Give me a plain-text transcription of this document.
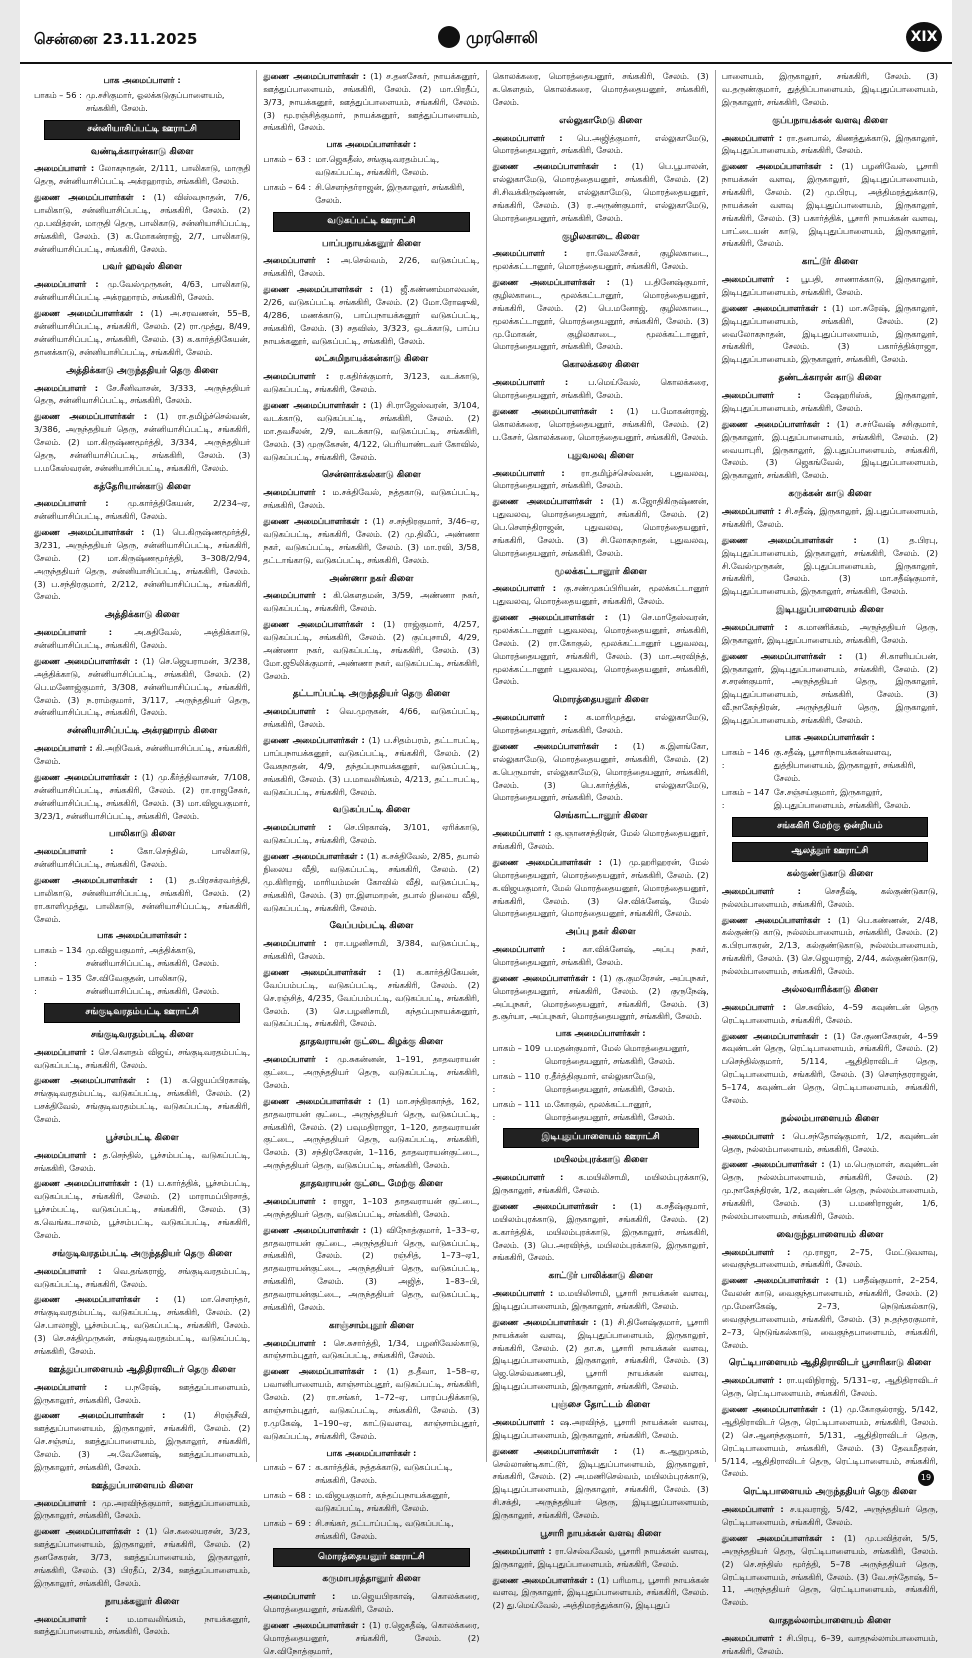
சென்னை 23.11.2025	முரசொலி	XIX
பாக அமைப்பாளர் :
பாகம் – 56 : மு.சசிகுமார், ஓலக்கடுகுப்பாளையம், சங்ககிரி, சேலம்.
சன்னியாசிப்பட்டி ஊராட்சி
வண்டிக்காரன்காடு கிளை
அமைப்பாளர் : லோகநாதன், 2/111, பாலிகாடு, மாருதி தெரு, சன்னியாசிப்பட்டி அக்ரஹாரம், சங்ககிரி, சேலம்.
துணை அமைப்பாளர்கள் : (1) விஸ்வநாதன், 7/6, பாலிகாடு, சன்னியாசிப்பட்டி, சங்ககிரி, சேலம். (2) மு.பவித்ரன், மாருதி தெரு, பாலிகாடு, சன்னியாசிப்பட்டி, சங்ககிரி, சேலம். (3) க.மோகன்ராஜ், 2/7, பாலிகாடு, சன்னியாசிப்பட்டி, சங்ககிரி, சேலம்.
பவர் ஹவுஸ் கிளை
அமைப்பாளர் : மு.வேல்முருகன், 4/63, பாலிகாடு, சன்னியாசிப்பட்டி அக்ரஹாரம், சங்ககிரி, சேலம்.
துணை அமைப்பாளர்கள் : (1) அ.சரவணன், 55–B, சன்னியாசிப்பட்டி, சங்ககிரி, சேலம். (2) ரா.முத்து, 8/49, சன்னியாசிப்பட்டி, சங்ககிரி, சேலம். (3) க.கார்த்திகேயன், தானக்காடு, சன்னியாசிப்பட்டி, சங்ககிரி, சேலம்.
அத்திக்காடு அருந்ததியர் தெரு கிளை
அமைப்பாளர் : சே.சீனிவாசன், 3/333, அருந்ததியர் தெரு, சன்னியாசிப்பட்டி, சங்ககிரி, சேலம்.
துணை அமைப்பாளர்கள் : (1) ரா.தமிழ்ச்செல்வன், 3/386, அருந்ததியர் தெரு, சன்னியாசிப்பட்டி, சங்ககிரி, சேலம். (2) மா.கிருஷ்ணமூர்த்தி, 3/334, அருந்ததியர் தெரு, சன்னியாசிப்பட்டி, சங்ககிரி, சேலம். (3) ப.மகேஸ்வரன், சன்னியாசிப்பட்டி, சங்ககிரி, சேலம்.
கத்தேரியான்காடு கிளை
அமைப்பாளர் : மு.கார்த்திகேயன், 2/234–ஏ, சன்னியாசிப்பட்டி, சங்ககிரி, சேலம்.
துணை அமைப்பாளர்கள் : (1) பெ.கிருஷ்ணமூர்த்தி, 3/231, அருந்ததியர் தெரு, சன்னியாசிப்பட்டி, சங்ககிரி, சேலம். (2) மா.கிருஷ்ணமூர்த்தி, 3–308/2/94, அருந்ததியர் தெரு, சன்னியாசிப்பட்டி, சங்ககிரி, சேலம். (3) ப.சந்திரகுமார், 2/212, சன்னியாசிப்பட்டி, சங்ககிரி, சேலம்.
அத்திக்காடு கிளை
அமைப்பாளர் :	அ.சுதிவேல், அத்திக்காடு, சன்னியாசிப்பட்டி, சங்ககிரி, சேலம்.
துணை அமைப்பாளர்கள் : (1) செ.ஜெயராமன், 3/238, அத்திக்காடு, சன்னியாசிப்பட்டி, சங்ககிரி, சேலம். (2) பெ.மனோஜ்குமார், 3/308, சன்னியாசிப்பட்டி, சங்ககிரி, சேலம். (3) ந.ராம்குமார், 3/117, அருந்ததியர் தெரு, சன்னியாசிப்பட்டி, சங்ககிரி, சேலம்.
சன்னியாசிப்பட்டி அக்ரஹாரம் கிளை
அமைப்பாளர் : கி.அறிவேக், சன்னியாசிப்பட்டி, சங்ககிரி, சேலம்.
துணை அமைப்பாளர்கள் : (1) மு.கீர்த்திவாசன், 7/108, சன்னியாசிப்பட்டி, சங்ககிரி, சேலம். (2) ரா.ராஜசேகர், சன்னியாசிப்பட்டி, சங்ககிரி, சேலம். (3) மா.விஜயகுமார், 3/23/1, சன்னியாசிப்பட்டி, சங்ககிரி, சேலம்.
பாலிகாடு கிளை
அமைப்பாளர் :	கோ.செந்தில், பாலிகாடு, சன்னியாசிப்பட்டி, சங்ககிரி, சேலம்.
துணை அமைப்பாளர்கள் : (1) த.பிரசக்ரவர்த்தி, பாலிகாடு, சன்னியாசிப்பட்டி, சங்ககிரி, சேலம். (2) ரா.காளிமுத்து, பாலிகாடு, சன்னியாசிப்பட்டி, சங்ககிரி, சேலம்.
பாக அமைப்பாளர்கள் :
பாகம் – 134 :
மு.விஜயகுமார், அத்திக்காடு, சன்னியாசிப்பட்டி, சங்ககிரி, சேலம்.
பாகம் – 135 :
சே.விவேகுதன், பாலிகாடு, சன்னியாசிப்பட்டி, சங்ககிரி, சேலம்.
சங்குடிவரதம்பட்டி ஊராட்சி
சங்குடிவரதம்பட்டி கிளை
அமைப்பாளர் : செ.கௌதம் விஜய், சங்குடிவரதம்பட்டி, வடுகப்பட்டி, சங்ககிரி, சேலம்.
துணை அமைப்பாளர்கள் : (1) க.ஜெயப்பிரகாஷ், சங்குடிவரதம்பட்டி, வடுகப்பட்டி, சங்ககிரி, சேலம். (2) பசக்திவேல், சங்குடிவரதம்பட்டி, வடுகப்பட்டி, சங்ககிரி, சேலம்.
பூச்சம்பட்டி கிளை
அமைப்பாளர் : த.செந்தில், பூச்சம்பட்டி, வடுகப்பட்டி, சங்ககிரி, சேலம்.
துணை அமைப்பாளர்கள் : (1) ப.கார்த்திக், பூச்சம்பட்டி, வடுகப்பட்டி, சங்ககிரி, சேலம். (2) மாராமப்பிரசாத், பூச்சம்பட்டி, வடுகப்பட்டி, சங்ககிரி, சேலம். (3) க.வெங்கடாசலம், பூச்சம்பட்டி, வடுகப்பட்டி, சங்ககிரி, சேலம்.
சங்குடிவரதம்பட்டி அருந்ததியர் தெரு கிளை
அமைப்பாளர் : வெ.தங்கராஜ், சங்குடிவரதம்பட்டி, வடுகப்பட்டி, சங்ககிரி, சேலம்.
துணை அமைப்பாளர்கள் : (1) மா.சௌந்தர், சங்குடிவரதம்பட்டி, வடுகப்பட்டி, சங்ககிரி, சேலம். (2) செ.பாலாஜி, பூச்சம்பட்டி, வடுகப்பட்டி, சங்ககிரி, சேலம். (3) செ.சக்திமுருகன், சங்குடிவரதம்பட்டி, வடுகப்பட்டி, சங்ககிரி, சேலம்.
ஊத்துப்பாளையம் ஆதிதிராவிடர் தெரு கிளை
அமைப்பாளர் : ப.நரேஷ், ஊத்துப்பாளையம், இருகாலூர், சங்ககிரி, சேலம்.
துணை அமைப்பாளர்கள் : (1) சிரஞ்சீவி, ஊத்துப்பாளையம், இருகாலூர், சங்ககிரி, சேலம். (2) செ.சஞ்சய், ஊத்துப்பாளையம், இருகாலூர், சங்ககிரி, சேலம். (3) அ.வேணேஷ், ஊத்துப்பாளையம், இருகாலூர், சங்ககிரி, சேலம்.
ஊத்துப்பாளையம் கிளை
அமைப்பாளர் : மு.அரவிந்த்குமார், ஊத்துப்பாளையம், இருகாலூர், சங்ககிரி, சேலம்.
துணை அமைப்பாளர்கள் : (1) செ.கலையரசன், 3/23, ஊத்துப்பாளையம், இருகாலூர், சங்ககிரி, சேலம். (2) தனசேகரன், 3/73, ஊத்துப்பாளையம், இருகாலூர், சங்ககிரி, சேலம். (3) பிரதீப், 2/34, ஊத்துப்பாளையம், இருகாலூர், சங்ககிரி, சேலம்.
நாயக்கனூர் கிளை
அமைப்பாளர் : ம.மாவலிங்கம், நாயக்கனூர், ஊத்துப்பாளையம், சங்ககிரி, சேலம்.
துணை அமைப்பாளர்கள் : (1) ச.தனசேகர், நாயக்கனூர், ஊத்துப்பாளையம், சங்ககிரி, சேலம். (2) மா.பிரதீப், 3/73, நாயக்கனூர், ஊத்துப்பாளையம், சங்ககிரி, சேலம். (3) மூ.ரஞ்சித்குமார், நாயக்கனூர், ஊத்துப்பாளையம், சங்ககிரி, சேலம்.
பாக அமைப்பாளர்கள் :
பாகம் – 63 : மா.ஜெகதீஸ், சங்குடிவரதம்பட்டி, வடுகப்பட்டி, சங்ககிரி, சேலம்.
பாகம் – 64 : சி.செளந்தர்ராஜன், இருகாலூர், சங்ககிரி, சேலம்.
வடுகப்பட்டி ஊராட்சி
பாப்பநாயக்கனூர் கிளை
அமைப்பாளர் : அ.செல்வம், 2/26, வடுகப்பட்டி, சங்ககிரி, சேலம்.
துணை அமைப்பாளர்கள் : (1) ஜீ.கண்ணம்மாலவன், 2/26, வடுகப்பட்டி சங்ககிரி, சேலம். (2) மோ.ரோஷுகி, 4/286, மணக்காடு, பாப்பநாயக்கனூர் வடுகப்பட்டி, சங்ககிரி, சேலம். (3) சதவிஸ், 3/323, ஒடக்காடு, பாப்ப நாயக்கனூர், வடுகப்பட்டி, சங்ககிரி, சேலம்.
லட்சுமிநாயக்கன்காடு கிளை
அமைப்பாளர் : ர.கதிர்க்குமார், 3/123, வடக்காடு, வடுகப்பட்டி, சங்ககிரி, சேலம்.
துணை அமைப்பாளர்கள் : (1) சி.ராஜேஸ்வரன், 3/104, வடக்காடு, வடுகப்பட்டி, சங்ககிரி, சேலம். (2) மா.தவசீலன், 2/9, வடக்காடு, வடுகப்பட்டி, சங்ககிரி, சேலம். (3) முருகேசன், 4/122, பெரியாண்டவர் கோவில், வடுகப்பட்டி, சங்ககிரி, சேலம்.
சென்னாக்கல்காடு கிளை
அமைப்பாளர் : ம.சக்திவேல், நத்தகாடு, வடுகப்பட்டி, சங்ககிரி, சேலம்.
துணை அமைப்பாளர்கள் : (1) ச.சந்திரகுமார், 3/46–ஏ, வடுகப்பட்டி, சங்ககிரி, சேலம். (2) மு.திலீப், அண்ணா நகர், வடுகப்பட்டி, சங்ககிரி, சேலம். (3) மா.ரவி, 3/58, தட்டாங்காடு, வடுகப்பட்டி, சங்ககிரி, சேலம்.
அண்ணா நகர் கிளை
அமைப்பாளர் : கி.கௌதமன், 3/59, அண்ணா நகர், வடுகப்பட்டி, சங்ககிரி, சேலம்.
துணை அமைப்பாளர்கள் : (1) ராஜ்குமார், 4/257, வடுகப்பட்டி, சங்ககிரி, சேலம். (2) குப்புசாமி, 4/29, அண்ணா நகர், வடுகப்பட்டி, சங்ககிரி, சேலம். (3) மோ.ஜூலிக்குமார், அண்ணா நகர், வடுகப்பட்டி, சங்ககிரி, சேலம்.
தட்டாப்பட்டி அருந்ததியர் தெரு கிளை
அமைப்பாளர் : வெ.முருகன், 4/66, வடுகப்பட்டி, சங்ககிரி, சேலம்.
துணை அமைப்பாளர்கள் : (1) ப.சிதம்பரம், தட்டாபட்டி, பாப்பநாயக்கனூர், வடுகப்பட்டி, சங்ககிரி, சேலம். (2) வேகநாதன், 4/9, தந்தப்பநாயக்கனூர், வடுகப்பட்டி, சங்ககிரி, சேலம். (3) ப.மாவலிங்கம், 4/213, தட்டாபட்டி, வடுகப்பட்டி, சங்ககிரி, சேலம்.
வடுகப்பட்டி கிளை
அமைப்பாளர் : செ.பிரகாஷ், 3/101, ஏரிக்காடு, வடுகப்பட்டி, சங்ககிரி, சேலம்.
துணை அமைப்பாளர்கள் : (1) க.சக்திவேல், 2/85, தபால் நிலைய வீதி, வடுகப்பட்டி, சங்ககிரி, சேலம். (2) மு.கிரிராஜ், மாரியம்மன் கோவில் வீதி, வடுகப்பட்டி, சங்ககிரி, சேலம். (3) ரா.இளமாறன், தபால் நிலைய வீதி, வடுகப்பட்டி, சங்ககிரி, சேலம்.
வேப்பம்பட்டி கிளை
அமைப்பாளர் : ரா.பழனிசாமி, 3/384, வடுகப்பட்டி, சங்ககிரி, சேலம்.
துணை அமைப்பாளர்கள் : (1) க.கார்த்திகேயன், வேப்பம்பட்டி, வடுகப்பட்டி, சங்ககிரி, சேலம். (2) செ.ரஞ்சித், 4/235, வேப்பம்பட்டி, வடுகப்பட்டி, சங்ககிரி, சேலம். (3) செ.பழனிசாமி, கந்தப்பநாயக்கனூர், வடுகப்பட்டி, சங்ககிரி, சேலம்.
தாதவராயன் குட்டை கிழக்கு கிளை
அமைப்பாளர் : மு.சுகன்னன், 1–191, தாதவராயன் குட்டை, அருந்ததியர் தெரு, வடுகப்பட்டி, சங்ககிரி, சேலம்.
துணை அமைப்பாளர்கள் : (1) மா.சந்திரகாந்த், 162, தாதவராயன் குட்டை, அருந்ததியர் தெரு, வடுகப்பட்டி, சங்ககிரி, சேலம். (2) பவுமதிராஜா, 1–120, தாதவராயன் குட்டை, அருந்ததியர் தெரு, வடுகப்பட்டி, சங்ககிரி, சேலம். (3) சந்திரசேகரன், 1–116, தாதவராயன்குட்டை, அருந்ததியர் தெரு, வடுகப்பட்டி, சங்ககிரி, சேலம்.
தாதவராயன் குட்டை மேற்கு கிளை
அமைப்பாளர் : ராஜா, 1–103 தாதவராயன் குட்டை, அருந்ததியர் தெரு, வடுகப்பட்டி, சங்ககிரி, சேலம்.
துணை அமைப்பாளர்கள் : (1) விநோத்குமார், 1–33–ஏ, தாதவராயன் குட்டை, அருந்ததியர் தெரு, வடுகப்பட்டி, சங்ககிரி, சேலம். (2) ரஞ்சித், 1–73–ஏ1, தாதவராயன்குட்டை, அருந்ததியர் தெரு, வடுகப்பட்டி, சங்ககிரி, சேலம். (3) அஜித், 1–83–பி, தாதவராயன்குட்டை, அருந்ததியர் தெரு, வடுகப்பட்டி, சங்ககிரி, சேலம்.
காஞ்சாம்புதூர் கிளை
அமைப்பாளர் : செ.சுசார்த்தி, 1/34, பழனிவேல்காடு, காஞ்சாம்புதூர், வடுகப்பட்டி, சங்ககிரி, சேலம்.
துணை அமைப்பாளர்கள் : (1) த.தீவா, 1–58–ஏ, பவானிபாளையம், காஞ்சாம்புதூர், வடுகப்பட்டி, சங்ககிரி, சேலம். (2) ரா.சங்கர், 1–72–ஏ, பாரப்பதிக்காடு, காஞ்சாம்புதூர், வடுகப்பட்டி, சங்ககிரி, சேலம். (3) ர.முகேஷ், 1–190–ஏ, காட்டுவளவு, காஞ்சாம்புதூர், வடுகப்பட்டி, சங்ககிரி, சேலம்.
பாக அமைப்பாளர்கள் :
பாகம் – 67 : க.கார்த்திக், நத்தக்காடு, வடுகப்பட்டி, சங்ககிரி, சேலம்.
பாகம் – 68 : ம.விஜயகுமார், கந்தப்பநாயக்கனூர், வடுகப்பட்டி, சங்ககிரி, சேலம்.
பாகம் – 69 : சி.சங்கர், தட்டாப்பட்டி, வடுகப்பட்டி, சங்ககிரி, சேலம்.
மொரத்தையனூர் ஊராட்சி
கருமாபரத்தானூர் கிளை
அமைப்பாளர் : ம.ஜெயபிரகாஷ், கொலக்கரை, மொரத்தையனூர், சங்ககிரி, சேலம்.
துணை அமைப்பாளர்கள் : (1) ர.ஜெகதீஷ், கொலக்கரை, மொரத்தையனூர், சங்ககிரி, சேலம். (2) செ.விநோத்குமார்,
கொலக்கரை, மொரத்தையனூர், சங்ககிரி, சேலம். (3) க.கௌதம், கொலக்கரை, மொரத்தையனூர், சங்ககிரி, சேலம்.
எல்லுகாமேடு கிளை
அமைப்பாளர் : பெ.அஜித்குமார், எல்லுகாமேடு, மொரத்தையனூர், சங்ககிரி, சேலம்.
துணை அமைப்பாளர்கள் : (1) பெ.பூபாலன், எல்லுகாமேடு, மொரத்தையனூர், சங்ககிரி, சேலம். (2) சி.சிவக்கிருஷ்ணன், எல்லுகாமேடு, மொரத்தையனூர், சங்ககிரி, சேலம். (3) ர.அருண்குமார், எல்லுகாமேடு, மொரத்தையனூர், சங்ககிரி, சேலம்.
குழிலகாடை கிளை
அமைப்பாளர் : ரா.வேலசேகர், குழிலகாடை, மூலக்கட்டானூர், மொரத்தையனூர், சங்ககிரி, சேலம்.
துணை அமைப்பாளர்கள் : (1) ப.தினேஷ்குமார், குழிலகாடை, மூலக்கட்டானூர், மொரத்தையனூர், சங்ககிரி, சேலம். (2) பெ.மனோஜ், குழிலகாடை, மூலக்கட்டானூர், மொரத்தையனூர், சங்ககிரி, சேலம். (3) மு.மோகன், குழிலகாடை, மூலக்கட்டானூர், மொரத்தையனூர், சங்ககிரி, சேலம்.
கொலக்கரை கிளை
அமைப்பாளர் : ப.மெய்வேல், கொலக்கரை, மொரத்தையனூர், சங்ககிரி, சேலம்.
துணை அமைப்பாளர்கள் : (1) ப.மோகன்ராஜ், கொலக்கரை, மொரத்தையனூர், சங்ககிரி, சேலம். (2) ப.கேசர், கொலக்கரை, மொரத்தையனூர், சங்ககிரி, சேலம்.
புதுவலவு கிளை
அமைப்பாளர் : ரா.தமிழ்ச்செல்வன், புதுவலவு, மொரத்தையனூர், சங்ககிரி, சேலம்.
துணை அமைப்பாளர்கள் : (1) க.ஜோதிகிருஷ்ணன், புதுவலவு, மொரத்தையனூர், சங்ககிரி, சேலம். (2) பெ.சௌந்திராஜன், புதுவலவு, மொரத்தையனூர், சங்ககிரி, சேலம். (3) சி.லோகநாதன், புதுவலவு, மொரத்தையனூர், சங்ககிரி, சேலம்.
மூலக்கட்டானூர் கிளை
அமைப்பாளர் : கு.சண்முகப்பிரியன், மூலக்கட்டானூர் புதுவலவு, மொரத்தையனூர், சங்ககிரி, சேலம்.
துணை அமைப்பாளர்கள் : (1) செ.மாதேஸ்வரன், மூலக்கட்டானூர் புதுவலவு, மொரத்தையனூர், சங்ககிரி, சேலம். (2) ரா.கோகுல், மூலக்கட்டானூர் புதுவலவு, மொரத்தையனூர், சங்ககிரி, சேலம். (3) மா.அரவிந்த், மூலக்கட்டானூர் புதுவலவு, மொரத்தையனூர், சங்ககிரி, சேலம்.
மொரத்தையனூர் கிளை
அமைப்பாளர் : க.மாரிமுத்து, எல்லுகாமேடு, மொரத்தையனூர், சங்ககிரி, சேலம்.
துணை அமைப்பாளர்கள் : (1) க.இளங்கோ, எல்லுகாமேடு, மொரத்தையனூர், சங்ககிரி, சேலம். (2) க.பெருமாள், எல்லுகாமேடு, மொரத்தையனூர், சங்ககிரி, சேலம். (3) பெ.கார்த்திக், எல்லுகாமேடு, மொரத்தையனூர், சங்ககிரி, சேலம்.
செங்காட்டானூர் கிளை
அமைப்பாளர் : கு.ஞானசந்திரன், மேல் மொரத்தையனூர், சங்ககிரி, சேலம்.
துணை அமைப்பாளர்கள் : (1) மு.ஹரிஹரன், மேல் மொரத்தையனூர், மொரத்தையனூர், சங்ககிரி, சேலம். (2) க.விஜயகுமார், மேல் மொரத்தையனூர், மொரத்தையனூர், சங்ககிரி, சேலம். (3) செ.விக்னேஷ், மேல் மொரத்தையனூர், மொரத்தையனூர், சங்ககிரி, சேலம்.
அப்பு நகர் கிளை
அமைப்பாளர் : கா.விக்னேஷ், அப்பு நகர், மொரத்தையனூர், சங்ககிரி, சேலம்.
துணை அமைப்பாளர்கள் : (1) கு.குமரேசன், அப்புநகர், மொரத்தையனூர், சங்ககிரி, சேலம். (2) குருநேஷ், அப்புநகர், மொரத்தையனூர், சங்ககிரி, சேலம். (3) த.சூர்யா, அப்புநகர், மொரத்தையனூர், சங்ககிரி, சேலம்.
பாக அமைப்பாளர்கள் :
பாகம் – 109 :
ப.மதன்குமார், மேல் மொரத்தையனூர், மொரத்தையனூர், சங்ககிரி, சேலம்.
பாகம் – 110 :
ர.தீர்த்திகுமார், எல்லுகாமேடு, மொரத்தையனூர், சங்ககிரி, சேலம்.
பாகம் – 111 :
ம.கோகுல், மூலக்கட்டானூர், மொரத்தையனூர், சங்ககிரி, சேலம்.
இடிபுதுப்பாளையம் ஊராட்சி
மயிலம்புரக்காடு கிளை
அமைப்பாளர் : க.மயிலிசாமி, மயிலம்புரக்காடு, இருகாலூர், சங்ககிரி, சேலம்.
துணை அமைப்பாளர்கள் : (1) க.சதீஷ்குமார், மயிலம்புரக்காடு, இருகாலூர், சங்ககிரி, சேலம். (2) க.கார்த்திக், மயிலம்புரக்காடு, இருகாலூர், சங்ககிரி, சேலம். (3) பெ.அரவிந்த், மயிலம்புரக்காடு, இருகாலூர், சங்ககிரி, சேலம்.
காட்டூர் பாலிக்காடு கிளை
அமைப்பாளர் : ம.மயிலிசாமி, பூசாரி நாயக்கன் வளவு, இடிபுதுப்பாளையம், இருகாலூர், சங்ககிரி, சேலம்.
துணை அமைப்பாளர்கள் : (1) சி.தினேஷ்குமார், பூசாரி நாயக்கன் வளவு, இடிபுதுப்பாளையம், இருகாலூர், சங்ககிரி, சேலம். (2) தா.சு, பூசாரி நாயக்கன் வளவு, இடிபுதுப்பாளையம், இருகாலூர், சங்ககிரி, சேலம். (3) ஜெ.செல்வகணபதி, பூசாரி நாயக்கன் வளவு, இடிபுதுப்பாளையம், இருகாலூர், சங்ககிரி, சேலம்.
புஞ்சை தோட்டம் கிளை
அமைப்பாளர் : ஷ.அரவிந்த், பூசாரி நாயக்கன் வளவு, இடிபுதுப்பாளையம், இருகாலூர், சங்ககிரி, சேலம்.
துணை அமைப்பாளர்கள் : (1) க.ஆறுமுகம், செல்லாண்டிகாட்டூர், இடிபுதுப்பாளையம், இருகாலூர், சங்ககிரி, சேலம். (2) அ.மணிசெல்வம், மயிலம்புரக்காடு, இடிபுதுப்பாளையம், இருகாலூர், சங்ககிரி, சேலம். (3) சி.சக்தி, அருந்ததியர் தெரு, இடிபுதுப்பாளையம், இருகாலூர், சங்ககிரி, சேலம்.
பூசாரி நாயக்கன் வளவு கிளை
அமைப்பாளர் : ரா.செல்வவேல், பூசாரி நாயக்கன் வளவு, இருகாலூர், இடிபுதுப்பாளையம், சங்ககிரி, சேலம்.
துணை அமைப்பாளர்கள் : (1) பரிமாபு, பூசாரி நாயக்கன் வளவு, இருகாலூர், இடிபுதுப்பாளையம், சங்ககிரி, சேலம். (2) து.மெய்வேல், அத்திமரத்துக்காடு, இடிபுதுப்
பாளையம், இருகாலூர், சங்ககிரி, சேலம். (3) வ.தருண்குமார், துத்திப்பாளையம், இடிபுதுப்பாளையம், இருகாலூர், சங்ககிரி, சேலம்.
குப்பநாயக்கன் வளவு கிளை
அமைப்பாளர் : ரா.தனபால், கிணத்துக்காடு, இருகாலூர், இடிபுதுப்பாளையம், சங்ககிரி, சேலம்.
துணை அமைப்பாளர்கள் : (1) பழனிவேல், பூசாரி நாயக்கன் வளவு, இருகாலூர், இடிபுதுப்பாளையம், சங்ககிரி, சேலம். (2) மு.பிரபு, அத்திமரத்துக்காடு, நாயக்கன் வளவு இடிபுதுப்பாளையம், இருகாலூர், சங்ககிரி, சேலம். (3) பகார்த்திக், பூசாரி நாயக்கன் வளவு, பாட்டையன் காடு, இடிபுதுப்பாளையம், இருகாலூர், சங்ககிரி, சேலம்.
காட்டூர் கிளை
அமைப்பாளர் : பூபதி, சாணாக்காடு, இருகாலூர், இடிபுதுப்பாளையம், சங்ககிரி, சேலம்.
துணை அமைப்பாளர்கள் : (1) மா.சுரேஷ், இருகாலூர், இடிபுதுப்பாளையம், சங்ககிரி, சேலம். (2) வைலோகநாதன், இடிபுதுப்பாளையம், இருகாலூர், சங்ககிரி, சேலம். (3) பகார்த்திக்ராஜா, இடிபுதுப்பாளையம், இருகாலூர், சங்ககிரி, சேலம்.
தண்டக்காரன் காடு கிளை
அமைப்பாளர் :	ஷேஹரிஸ்க், இருகாலூர், இடிபுதுப்பாளையம், சங்ககிரி, சேலம்.
துணை அமைப்பாளர்கள் : (1) ச.சர்வேஷ் சசிகுமார், இருகாலூர், இ.புதுப்பாளையம், சங்ககிரி, சேலம். (2) வையாபுரி, இருகாலூர், இ.புதுப்பாளையம், சங்ககிரி, சேலம். (3) ஜெகங்வேல், இடிபுதுப்பாளையம், இருகாலூர், சங்ககிரி, சேலம்.
கருக்கன் காடு கிளை
அமைப்பாளர் : சி.சதீஷ், இருகாலூர், இ.புதுப்பாளையம், சங்ககிரி, சேலம்.
துணை அமைப்பாளர்கள் : (1) த.பிரபு, இடிபுதுப்பாளையம், இருகாலூர், சங்ககிரி, சேலம். (2) சி.வேல்முருகன், இ.புதுப்பாளையம், இருகாலூர், சங்ககிரி, சேலம். (3) மா.சதீஷ்குமார், இடிபுதுப்பாளையம், இருகாலூர், சங்ககிரி, சேலம்.
இடிபுதுப்பாளையம் கிளை
அமைப்பாளர் : க.மாணிக்கம், அருந்ததியர் தெரு, இருகாலூர், இடிபுதுப்பாளையம், சங்ககிரி, சேலம்.
துணை அமைப்பாளர்கள் : (1) சி.காளியப்பன், இருகாலூர், இடிபுதுப்பாளையம், சங்ககிரி, சேலம். (2) ச.சரண்குமார், அருந்ததியர் தெரு, இருகாலூர், இடிபுதுப்பாளையம், சங்ககிரி, சேலம். (3) வீ.நாகேந்திரன், அருந்ததியர் தெரு, இருகாலூர், இடிபுதுப்பாளையம், சங்ககிரி, சேலம்.
பாக அமைப்பாளர்கள் :
பாகம் – 146 :
கு.சதீஷ், பூசாரிநாயக்கன்வளவு, துத்திபாளையம், இருகாலூர், சங்ககிரி, சேலம்.
பாகம் – 147 :
சே.சஞ்சய்குமார், இருகாலூர், இ.புதுப்பாளையம், சங்ககிரி, சேலம்.
சங்ககிரி மேற்கு ஒன்றியம்
ஆலத்தூர் ஊராட்சி
கல்குண்டுகாடு கிளை
அமைப்பாளர் :	செசதீஷ், கல்குண்டுகாடு, நல்லம்பாளையம், சங்ககிரி, சேலம்.
துணை அமைப்பாளர்கள் : (1) பெ.கண்ணன், 2/48, கல்குண்டு காடு, நல்லம்பாளையம், சங்ககிரி, சேலம். (2) க.பிரபாகரன், 2/13, கல்குண்டுகாடு, நல்லம்பாளையம், சங்ககிரி, சேலம். (3) செ.ஜெயராஜ், 2/44, கல்குண்டுகாடு, நல்லம்பாளையம், சங்ககிரி, சேலம்.
அல்லவாரிக்காடு கிளை
அமைப்பாளர் : செ.சுவிஸ், 4–59 கவுண்டன் தெரு ரெட்டிபாளையம், சங்ககிரி, சேலம்.
துணை அமைப்பாளர்கள் : (1) சே.குணசேகரன், 4–59 கவுண்டன் தெரு, ரெட்டிபாளையம், சங்ககிரி, சேலம். (2) பசெந்தில்குமார், 5/114, ஆதிதிராவிடர் தெரு, ரெட்டிபாளையம், சங்ககிரி, சேலம். (3) சௌந்தரராஜன், 5–174, கவுண்டன் தெரு, ரெட்டிபாளையம், சங்ககிரி, சேலம்.
நல்லம்பாளையம் கிளை
அமைப்பாளர் : பெ.சந்தோஷ்குமார், 1/2, கவுண்டன் தெரு, நல்லம்பாளையம், சங்ககிரி, சேலம்.
துணை அமைப்பாளர்கள் : (1) ம.பெருமாள், கவுண்டன் தெரு, நல்லம்பாளையம், சங்ககிரி, சேலம். (2) மு.நாகேந்திரன், 1/2, கவுண்டன் தெரு, நல்லம்பாளையம், சங்ககிரி, சேலம். (3) ப.மணிராஜன், 1/6, நல்லம்பாளையம், சங்ககிரி, சேலம்.
வைகுந்தபாளையம் கிளை
அமைப்பாளர் : மு.ராஜா, 2–75, மேட்டுவளவு, வைகுந்தபாளையம், சங்ககிரி, சேலம்.
துணை அமைப்பாளர்கள் : (1) பசதீஷ்குமார், 2–254, வேலன் காடு, வைகுந்தபாளையம், சங்ககிரி, சேலம். (2) மு.மேனகேஷ், 2–73, நெடுங்கல்காடு, வைகுந்தபாளையம், சங்ககிரி, சேலம். (3) ந.தந்தரகுமார், 2–73, நெடுங்கல்காடு, வைகுந்தபாளையம், சங்ககிரி, சேலம்.
ரெட்டிபாளையம் ஆதிதிராவிடர் பூசாரிகாடு கிளை
அமைப்பாளர் : ரா.யுவிநிராஜ், 5/131–ஏ, ஆதிதிராவிடர் தெரு, ரெட்டிபாளையம், சங்ககிரி, சேலம்.
துணை அமைப்பாளர்கள் : (1) மு.கோகுல்ராஜ், 5/142, ஆதிதிராவிடர் தெரு, ரெட்டிபாளையம், சங்ககிரி, சேலம். (2) செ.ஆனந்தகுமார், 5/131, ஆதிதிராவிடர் தெரு, ரெட்டிபாளையம், சங்ககிரி, சேலம். (3) தேவமீதரன், 5/114, ஆதிதிராவிடர் தெரு, ரெட்டிபாளையம், சங்ககிரி, சேலம்.
ரெட்டிபாளையம் அருந்ததியர் தெரு கிளை
அமைப்பாளர் : ச.யுவராஜ், 5/42, அருந்ததியர் தெரு, ரெட்டிபாளையம், சங்ககிரி, சேலம்.
துணை அமைப்பாளர்கள் : (1) மு.பவித்ரன், 5/5, அருந்ததியர் தெரு, ரெட்டிபாளையம், சங்ககிரி, சேலம். (2) செ.சந்திஸ் மூர்த்தி, 5–78 அருந்ததியர் தெரு, ரெட்டிபாளையம், சங்ககிரி, சேலம். (3) வே.சந்தோஷ், 5–11, அருந்ததியர் தெரு, ரெட்டிபாளையம், சங்ககிரி, சேலம்.
வாதநல்லாம்பாளையம் கிளை
அமைப்பாளர் : சி.பிரபு, 6–39, வாதநல்லாம்பாளையம், சங்ககிரி, சேலம்.
19
